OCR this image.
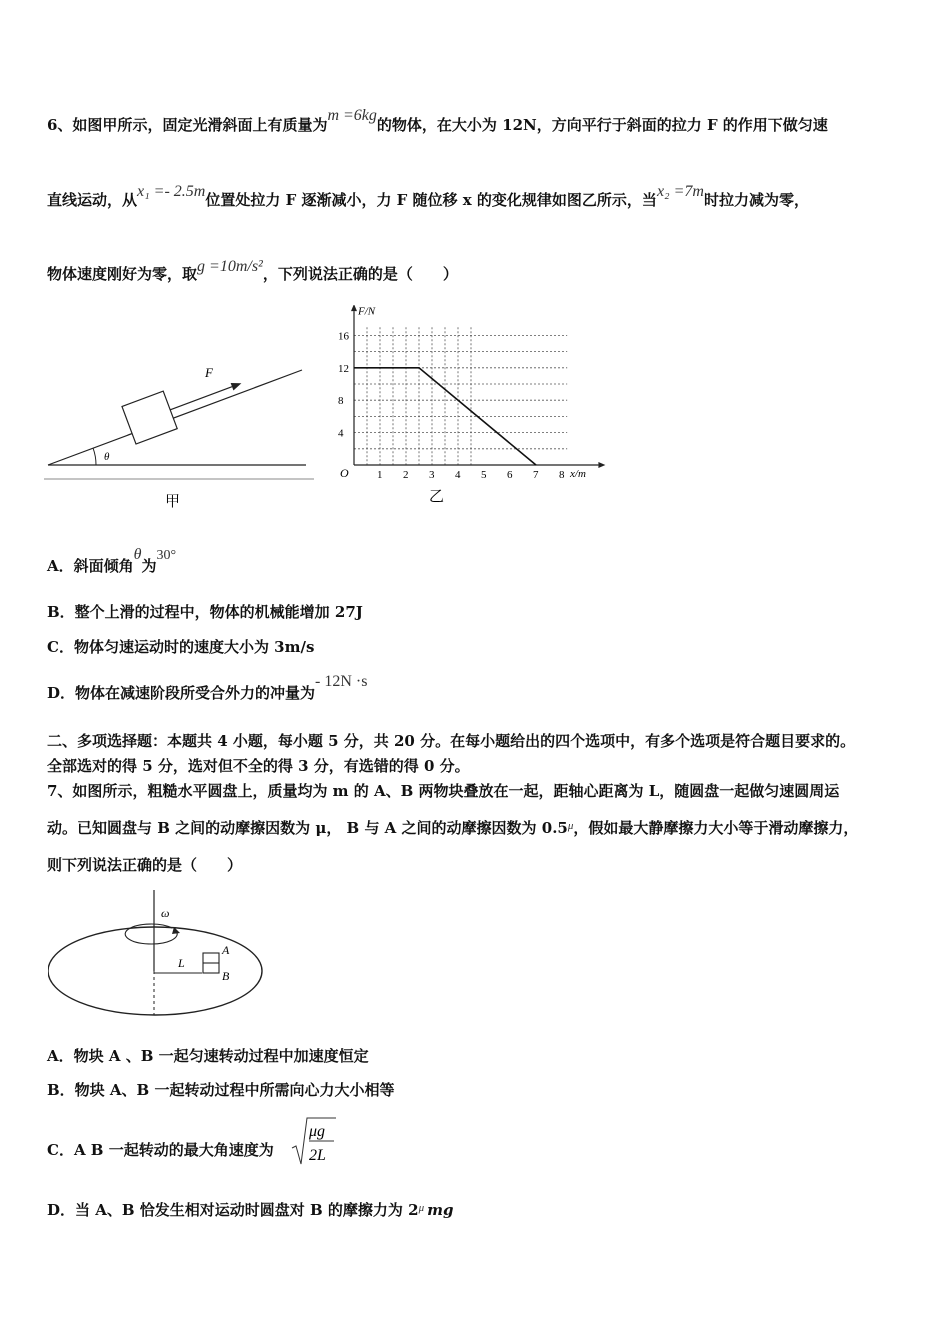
6、如图甲所示，固定光滑斜面上有质量为m =6kg的物体，在大小为 12N，方向平行于斜面的拉力 F 的作用下做匀速
直线运动，从x₁ =- 2.5m位置处拉力 F 逐渐减小，力 F 随位移 x 的变化规律如图乙所示，当x₂ =7m时拉力减为零，
物体速度刚好为零，取g =10m/s²，下列说法正确的是（　　）
θ
F
甲	乙
1 2 3 4 5 6 7 8
4
8
12
16
O	x/m
F/N
A．斜面倾角θ为30°
B．整个上滑的过程中，物体的机械能增加 27J
C．物体匀速运动时的速度大小为 3m/s
D．物体在减速阶段所受合外力的冲量为- 12N ·s
二、多项选择题：本题共 4 小题，每小题 5 分，共 20 分。在每小题给出的四个选项中，有多个选项是符合题目要求的。
全部选对的得 5 分，选对但不全的得 3 分，有选错的得 0 分。
7、如图所示，粗糙水平圆盘上，质量均为 m 的 A、B 两物块叠放在一起，距轴心距离为 L，随圆盘一起做匀速圆周运
动。已知圆盘与 B 之间的动摩擦因数为 μ， B 与 A 之间的动摩擦因数为 $0.5^\mu$，假如最大静摩擦力大小等于滑动摩擦力，
则下列说法正确的是（　　）
ω
L
A
B
A．物块 A 、B 一起匀速转动过程中加速度恒定
B．物块 A、B 一起转动过程中所需向心力大小相等
C．A B 一起转动的最大角速度为
μg
2L
D．当 A、B 恰发生相对运动时圆盘对 B 的摩擦力为 $2^\mu$ mg
